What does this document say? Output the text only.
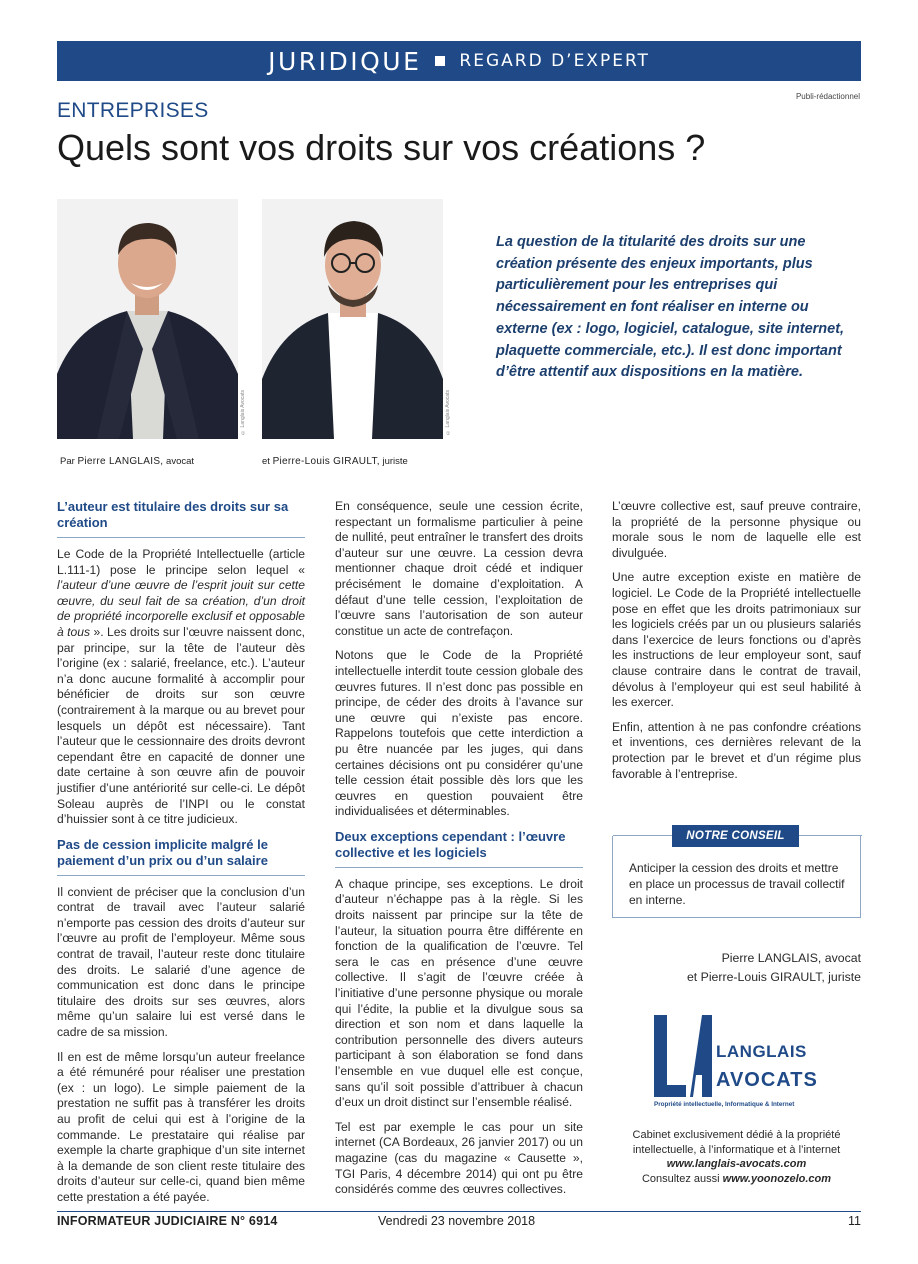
JURIDIQUE REGARD D’EXPERT
Publi-rédactionnel
ENTREPRISES
Quels sont vos droits sur vos créations ?
© Langlais Avocats	© Langlais Avocats
Par Pierre LANGLAIS, avocat	et Pierre-Louis GIRAULT, juriste
La question de la titularité des droits sur une création présente des enjeux importants, plus particulièrement pour les entreprises qui nécessairement en font réaliser en interne ou externe (ex : logo, logiciel, catalogue, site internet, plaquette commerciale, etc.). Il est donc important d’être attentif aux dispositions en la matière.
L’auteur est titulaire des droits sur sa création

Le Code de la Propriété Intellectuelle (article L.111-1) pose le principe selon lequel « l’auteur d’une œuvre de l’esprit jouit sur cette œuvre, du seul fait de sa création, d’un droit de propriété incorporelle exclusif et opposable à tous ». Les droits sur l’œuvre naissent donc, par principe, sur la tête de l’auteur dès l’origine (ex : salarié, freelance, etc.). L’auteur n’a donc aucune formalité à accomplir pour bénéficier de droits sur son œuvre (contrairement à la marque ou au brevet pour lesquels un dépôt est nécessaire). Tant l’auteur que le cessionnaire des droits devront cependant être en capacité de donner une date certaine à son œuvre afin de pouvoir justifier d’une antériorité sur celle-ci. Le dépôt Soleau auprès de l’INPI ou le constat d’huissier sont à ce titre judicieux.

Pas de cession implicite malgré le paiement d’un prix ou d’un salaire

Il convient de préciser que la conclusion d’un contrat de travail avec l’auteur salarié n’emporte pas cession des droits d’auteur sur l’œuvre au profit de l’employeur. Même sous contrat de travail, l’auteur reste donc titulaire des droits. Le salarié d’une agence de communication est donc dans le principe titulaire des droits sur ses œuvres, alors même qu’un salaire lui est versé dans le cadre de sa mission.

Il en est de même lorsqu’un auteur freelance a été rémunéré pour réaliser une prestation (ex : un logo). Le simple paiement de la prestation ne suffit pas à transférer les droits au profit de celui qui est à l’origine de la commande. Le prestataire qui réalise par exemple la charte graphique d’un site internet à la demande de son client reste titulaire des droits d’auteur sur celle-ci, quand bien même cette prestation a été payée.

En conséquence, seule une cession écrite, respectant un formalisme particulier à peine de nullité, peut entraîner le transfert des droits d’auteur sur une œuvre. La cession devra mentionner chaque droit cédé et indiquer précisément le domaine d’exploitation. A défaut d’une telle cession, l’exploitation de l’œuvre sans l’autorisation de son auteur constitue un acte de contrefaçon.

Notons que le Code de la Propriété intellectuelle interdit toute cession globale des œuvres futures. Il n’est donc pas possible en principe, de céder des droits à l’avance sur une œuvre qui n’existe pas encore. Rappelons toutefois que cette interdiction a pu être nuancée par les juges, qui dans certaines décisions ont pu considérer qu’une telle cession était possible dès lors que les œuvres en question pouvaient être individualisées et déterminables.

Deux exceptions cependant : l’œuvre collective et les logiciels

A chaque principe, ses exceptions. Le droit d’auteur n’échappe pas à la règle. Si les droits naissent par principe sur la tête de l’auteur, la situation pourra être différente en fonction de la qualification de l’œuvre. Tel sera le cas en présence d’une œuvre collective. Il s’agit de l’œuvre créée à l’initiative d’une personne physique ou morale qui l’édite, la publie et la divulgue sous sa direction et son nom et dans laquelle la contribution personnelle des divers auteurs participant à son élaboration se fond dans l’ensemble en vue duquel elle est conçue, sans qu’il soit possible d’attribuer à chacun d’eux un droit distinct sur l’ensemble réalisé.

Tel est par exemple le cas pour un site internet (CA Bordeaux, 26 janvier 2017) ou un magazine (cas du magazine « Causette », TGI Paris, 4 décembre 2014) qui ont pu être considérés comme des œuvres collectives.

L’œuvre collective est, sauf preuve contraire, la propriété de la personne physique ou morale sous le nom de laquelle elle est divulguée.

Une autre exception existe en matière de logiciel. Le Code de la Propriété intellectuelle pose en effet que les droits patrimoniaux sur les logiciels créés par un ou plusieurs salariés dans l’exercice de leurs fonctions ou d’après les instructions de leur employeur sont, sauf clause contraire dans le contrat de travail, dévolus à l’employeur qui est seul habilité à les exercer.

Enfin, attention à ne pas confondre créations et inventions, ces dernières relevant de la protection par le brevet et d’un régime plus favorable à l’entreprise.

NOTRE CONSEIL
Anticiper la cession des droits et mettre en place un processus de travail collectif en interne.
Pierre LANGLAIS, avocat
et Pierre-Louis GIRAULT, juriste
LANGLAIS
AVOCATS
Propriété intellectuelle, Informatique & Internet
Cabinet exclusivement dédié à la propriété intellectuelle, à l’informatique et à l’internet
www.langlais-avocats.com
Consultez aussi www.yoonozelo.com
INFORMATEUR JUDICIAIRE N° 6914	Vendredi 23 novembre 2018	11
